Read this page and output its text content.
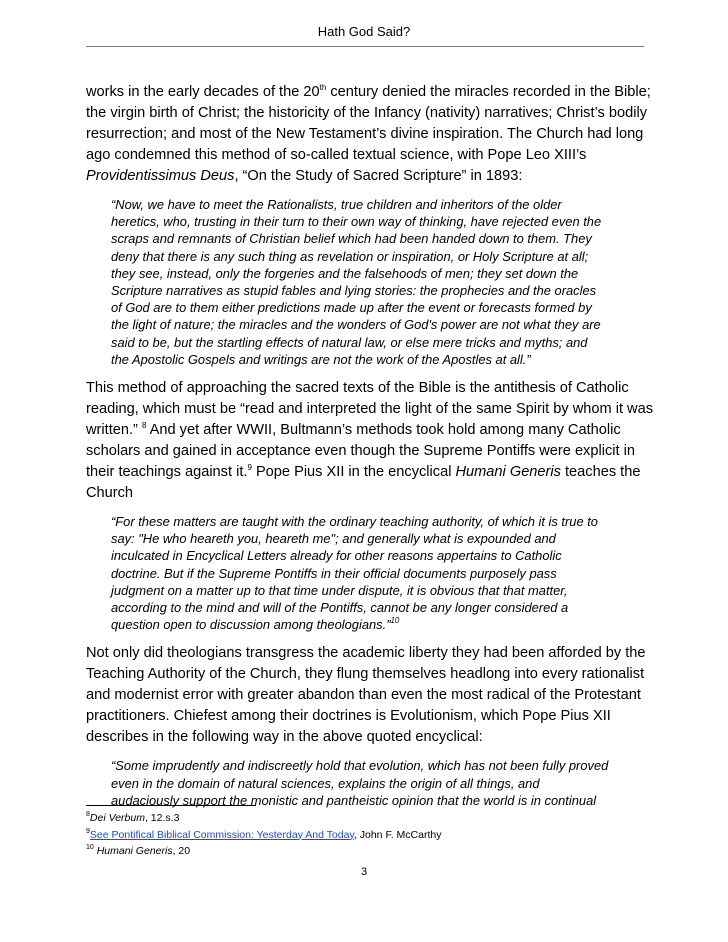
Hath God Said?

works in the early decades of the 20th century denied the miracles recorded in the Bible;
the virgin birth of Christ; the historicity of the Infancy (nativity) narratives; Christ’s bodily
resurrection; and most of the New Testament’s divine inspiration. The Church had long
ago condemned this method of so-called textual science, with Pope Leo XIII’s
Providentissimus Deus, “On the Study of Sacred Scripture” in 1893:

“Now, we have to meet the Rationalists, true children and inheritors of the older
heretics, who, trusting in their turn to their own way of thinking, have rejected even the
scraps and remnants of Christian belief which had been handed down to them. They
deny that there is any such thing as revelation or inspiration, or Holy Scripture at all;
they see, instead, only the forgeries and the falsehoods of men; they set down the
Scripture narratives as stupid fables and lying stories: the prophecies and the oracles
of God are to them either predictions made up after the event or forecasts formed by
the light of nature; the miracles and the wonders of God's power are not what they are
said to be, but the startling effects of natural law, or else mere tricks and myths; and
the Apostolic Gospels and writings are not the work of the Apostles at all.”

This method of approaching the sacred texts of the Bible is the antithesis of Catholic
reading, which must be “read and interpreted the light of the same Spirit by whom it was
written.” $^8$ And yet after WWII, Bultmann’s methods took hold among many Catholic
scholars and gained in acceptance even though the Supreme Pontiffs were explicit in
their teachings against it.$^9$ Pope Pius XII in the encyclical Humani Generis teaches the
Church

“For these matters are taught with the ordinary teaching authority, of which it is true to
say: "He who heareth you, heareth me"; and generally what is expounded and
inculcated in Encyclical Letters already for other reasons appertains to Catholic
doctrine. But if the Supreme Pontiffs in their official documents purposely pass
judgment on a matter up to that time under dispute, it is obvious that that matter,
according to the mind and will of the Pontiffs, cannot be any longer considered a
question open to discussion among theologians.”$^{10}$

Not only did theologians transgress the academic liberty they had been afforded by the
Teaching Authority of the Church, they flung themselves headlong into every rationalist
and modernist error with greater abandon than even the most radical of the Protestant
practitioners. Chiefest among their doctrines is Evolutionism, which Pope Pius XII
describes in the following way in the above quoted encyclical:

“Some imprudently and indiscreetly hold that evolution, which has not been fully proved
even in the domain of natural sciences, explains the origin of all things, and
audaciously support the monistic and pantheistic opinion that the world is in continual
$^8$Dei Verbum, 12.s.3
$^9$See Pontifical Biblical Commission: Yesterday And Today, John F. McCarthy
$^{10}$ Humani Generis, 20
3
